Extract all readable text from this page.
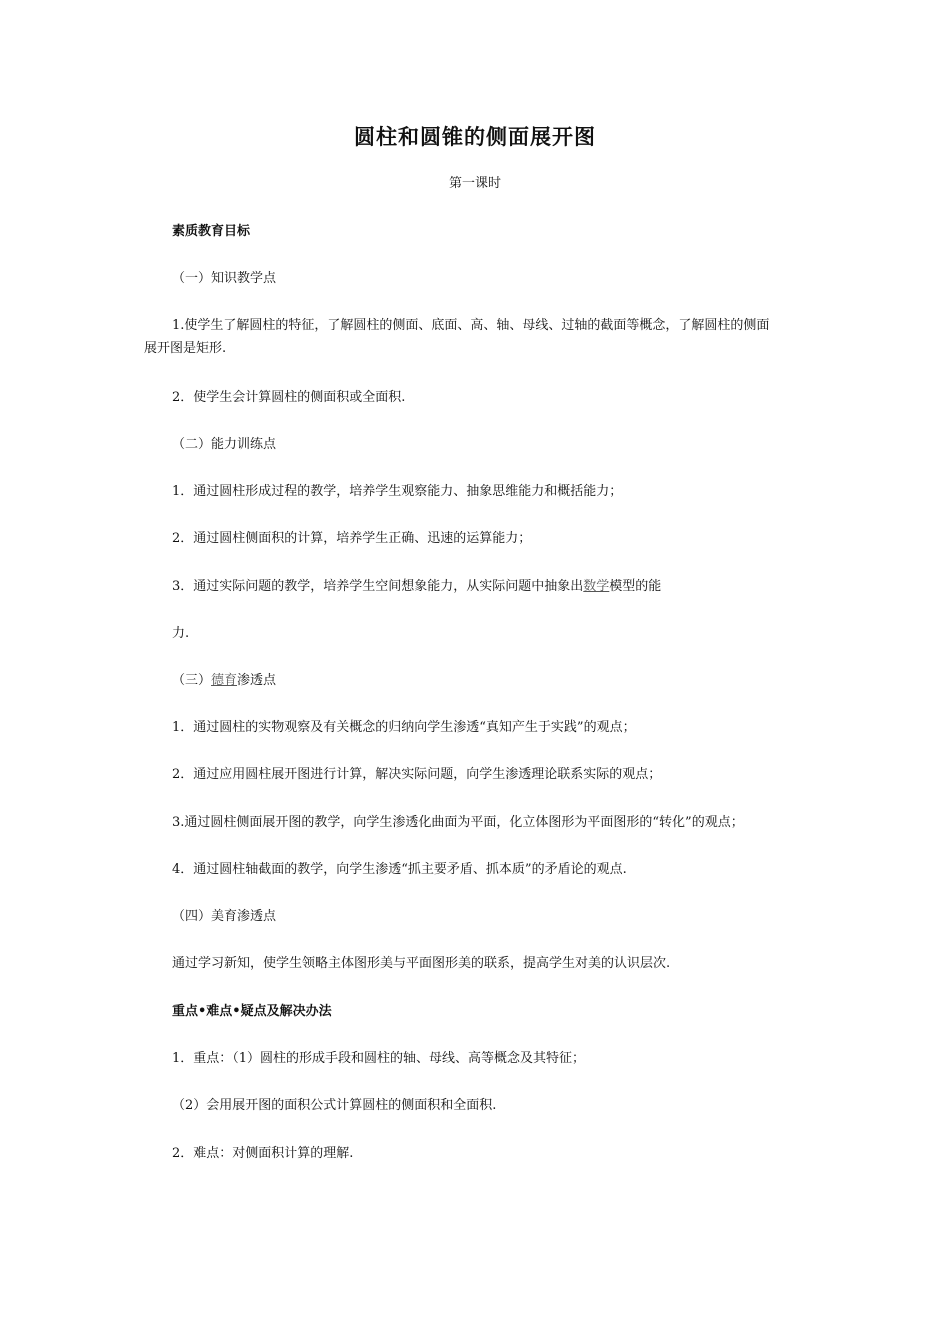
圆柱和圆锥的侧面展开图
第一课时
素质教育目标
（一）知识教学点
1.使学生了解圆柱的特征，了解圆柱的侧面、底面、高、轴、母线、过轴的截面等概念，了解圆柱的侧面
展开图是矩形.
2．使学生会计算圆柱的侧面积或全面积.
（二）能力训练点
1．通过圆柱形成过程的教学，培养学生观察能力、抽象思维能力和概括能力；
2．通过圆柱侧面积的计算，培养学生正确、迅速的运算能力；
3．通过实际问题的教学，培养学生空间想象能力，从实际问题中抽象出数学模型的能
力.
（三）德育渗透点
1．通过圆柱的实物观察及有关概念的归纳向学生渗透“真知产生于实践”的观点；
2．通过应用圆柱展开图进行计算，解决实际问题，向学生渗透理论联系实际的观点；
3.通过圆柱侧面展开图的教学，向学生渗透化曲面为平面，化立体图形为平面图形的“转化”的观点；
4．通过圆柱轴截面的教学，向学生渗透“抓主要矛盾、抓本质”的矛盾论的观点.
（四）美育渗透点
通过学习新知，使学生领略主体图形美与平面图形美的联系，提高学生对美的认识层次.
重点•难点•疑点及解决办法
1．重点：（1）圆柱的形成手段和圆柱的轴、母线、高等概念及其特征；
（2）会用展开图的面积公式计算圆柱的侧面积和全面积.
2．难点：对侧面积计算的理解.
